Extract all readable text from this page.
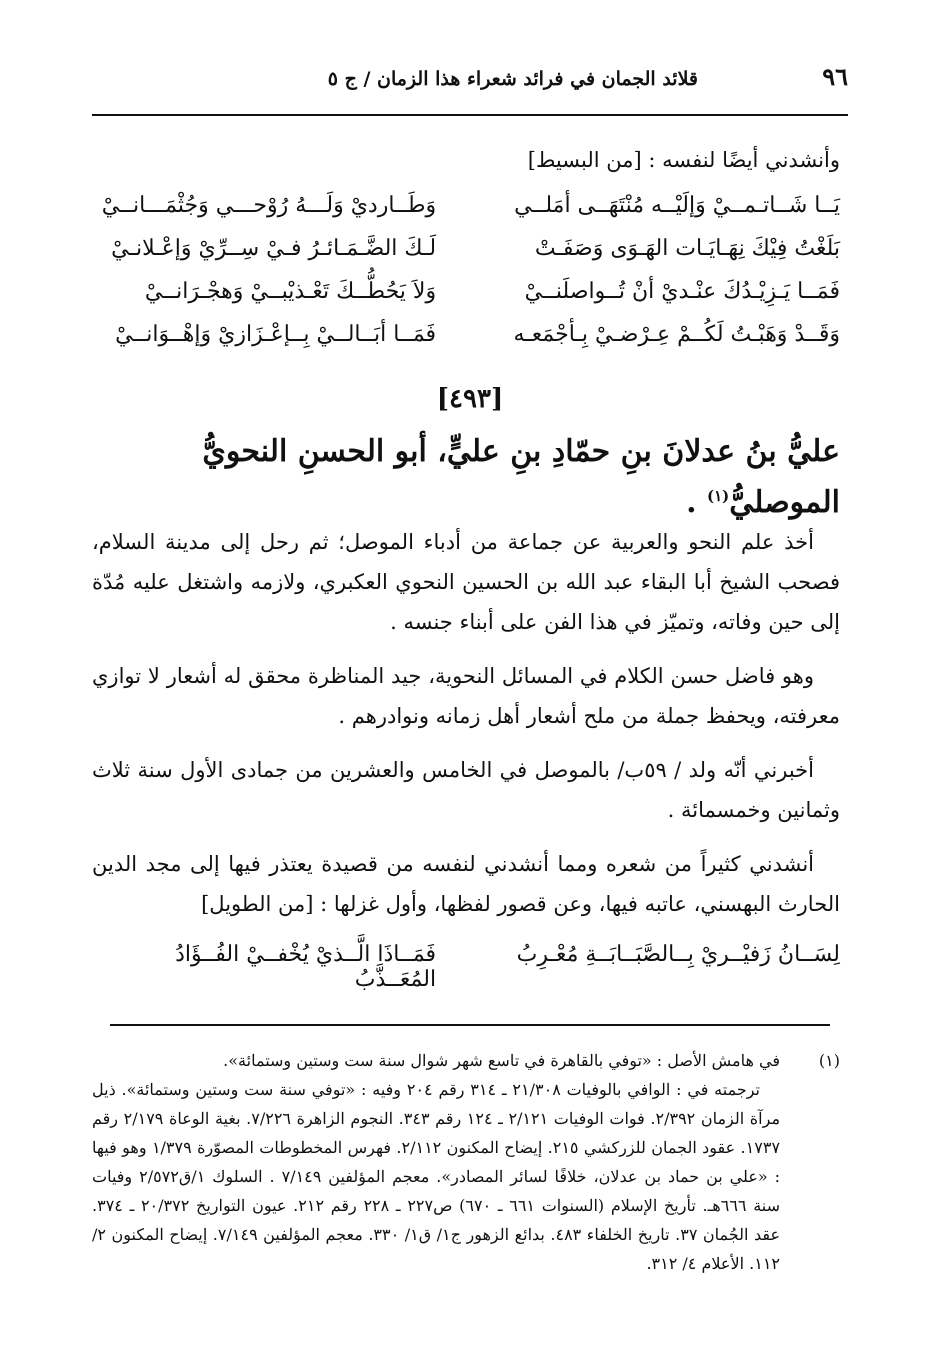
٩٦
قلائد الجمان في فرائد شعراء هذا الزمان / ج ٥
وأنشدني أيضًا لنفسه : [من البسيط]
يَــا شَــاتـمــيْ وَإلَيْــه مُنْتَهَــى أمَلــي
وَطَــارديْ وَلَـــهُ رُوْحـــي وَجُثْمَـــانــيْ
بَلَغْتُ فِيْكَ نِهَـايَـات الهَـوَى وَصَفَـتْ
لَـكَ الضَّـمَـائـرُ فـيْ سِــرِّيْ وَإعْـلانـيْ
فَمَــا يَـزِيْـدُكَ عنْـديْ أنْ تُــواصلَنــيْ
وَلاَ يَحُطُّــكَ تَعْـذيْبــيْ وَهجْـرَانــيْ
وَقَــدْ وَهَبْـتُ لَكُــمْ عِـرْضـيْ بِـأجْمَعـه
فَمَــا أبَــالــيْ بِــإعْـزَازيْ وَإهْــوَانــيْ
[٤٩٣]
عليُّ بنُ عدلانَ بنِ حمّادِ بنِ عليٍّ، أبو الحسنِ النحويُّ الموصليُّ$^{(١)}$ .

أخذ علم النحو والعربية عن جماعة من أدباء الموصل؛ ثم رحل إلى مدينة السلام، فصحب الشيخ أبا البقاء عبد الله بن الحسين النحوي العكبري، ولازمه واشتغل عليه مُدّة إلى حين وفاته، وتميّز في هذا الفن على أبناء جنسه .

وهو فاضل حسن الكلام في المسائل النحوية، جيد المناظرة محقق له أشعار لا توازي معرفته، ويحفظ جملة من ملح أشعار أهل زمانه ونوادرهم .

أخبرني أنّه ولد / ٥٩ب/ بالموصل في الخامس والعشرين من جمادى الأول سنة ثلاث وثمانين وخمسمائة .

أنشدني كثيراً من شعره ومما أنشدني لنفسه من قصيدة يعتذر فيها إلى مجد الدين الحارث البهسني، عاتبه فيها، وعن قصور لفظها، وأول غزلها : [من الطويل]

لِسَــانُ زَفيْــريْ بِــالصَّبَــابَــةِ مُعْـرِبُ
فَمَــاذَا الَّــذيْ يُخْفــيْ الفُــؤَادُ المُعَــذَّبُ
(١)
في هامش الأصل : «توفي بالقاهرة في تاسع شهر شوال سنة ست وستين وستمائة».
ترجمته في : الوافي بالوفيات ٢١/٣٠٨ ـ ٣١٤ رقم ٢٠٤ وفيه : «توفي سنة ست وستين وستمائة». ذيل مرآة الزمان ٢/٣٩٢. فوات الوفيات ٢/١٢١ ـ ١٢٤ رقم ٣٤٣. النجوم الزاهرة ٧/٢٢٦. بغية الوعاة ٢/١٧٩ رقم ١٧٣٧. عقود الجمان للزركشي ٢١٥. إيضاح المكنون ٢/١١٢. فهرس المخطوطات المصوّرة ١/٣٧٩ وهو فيها : «علي بن حماد بن عدلان، خلافًا لسائر المصادر». معجم المؤلفين ٧/١٤٩ . السلوك ١/ق٢/٥٧٢ وفيات سنة ٦٦٦هـ. تأريخ الإسلام (السنوات ٦٦١ ـ ٦٧٠) ص٢٢٧ ـ ٢٢٨ رقم ٢١٢. عيون التواريخ ٢٠/٣٧٢ ـ ٣٧٤. عقد الجُمان ٣٧. تاريخ الخلفاء ٤٨٣. بدائع الزهور ج١/ ق١/ ٣٣٠. معجم المؤلفين ٧/١٤٩. إيضاح المكنون ٢/ ١١٢. الأعلام ٤/ ٣١٢.
